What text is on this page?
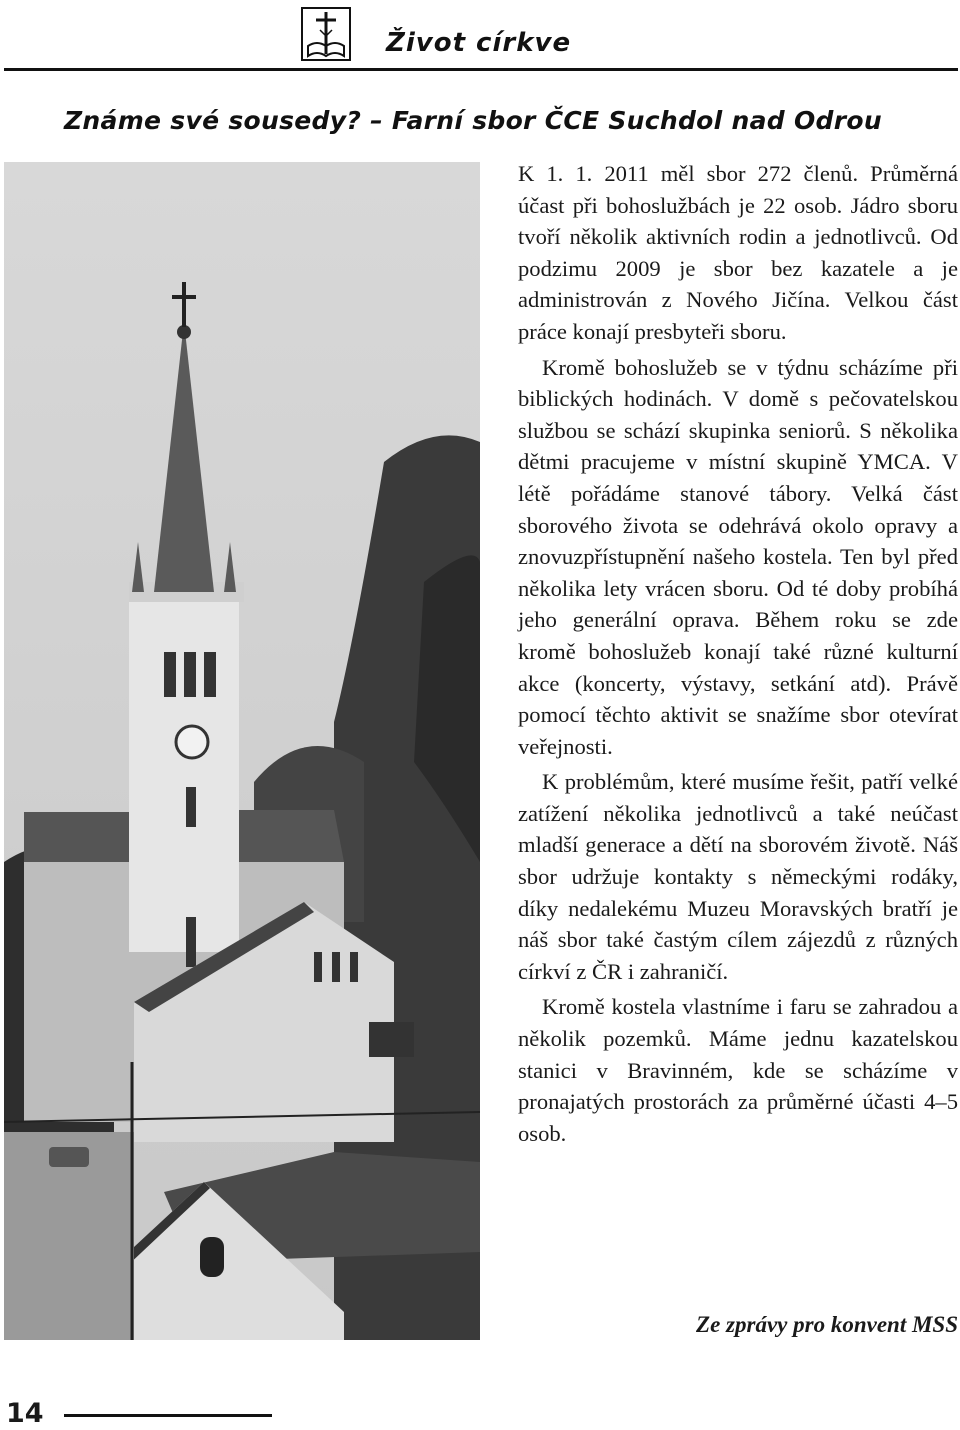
Život církve
Známe své sousedy? – Farní sbor ČCE Suchdol nad Odrou

K 1. 1. 2011 měl sbor 272 členů. Průměrná účast při bohoslužbách je 22 osob. Jádro sboru tvoří několik aktivních rodin a jednotlivců. Od podzimu 2009 je sbor bez kazatele a je administrován z Nového Jičína. Velkou část práce konají presbyteři sboru.

Kromě bohoslužeb se v týdnu scházíme při biblických hodinách. V domě s pečovatelskou službou se schází skupinka seniorů. S několika dětmi pracujeme v místní skupině YMCA. V létě pořádáme stanové tábory. Velká část sborového života se odehrává okolo opravy a znovuzpřístupnění našeho kostela. Ten byl před několika lety vrácen sboru. Od té doby probíhá jeho generální oprava. Během roku se zde kromě bohoslužeb konají také různé kulturní akce (koncerty, výstavy, setkání atd). Právě pomocí těchto aktivit se snažíme sbor otevírat veřejnosti.

K problémům, které musíme řešit, patří velké zatížení několika jednotlivců a také neúčast mladší generace a dětí na sborovém životě. Náš sbor udržuje kontakty s německými rodáky, díky nedalekému Muzeu Moravských bratří je náš sbor také častým cílem zájezdů z různých církví z ČR i zahraničí.

Kromě kostela vlastníme i faru se zahradou a několik pozemků. Máme jednu kazatelskou stanici v Bravinném, kde se scházíme v pronajatých prostorách za průměrné účasti 4–5 osob.

Ze zprávy pro konvent MSS
14
